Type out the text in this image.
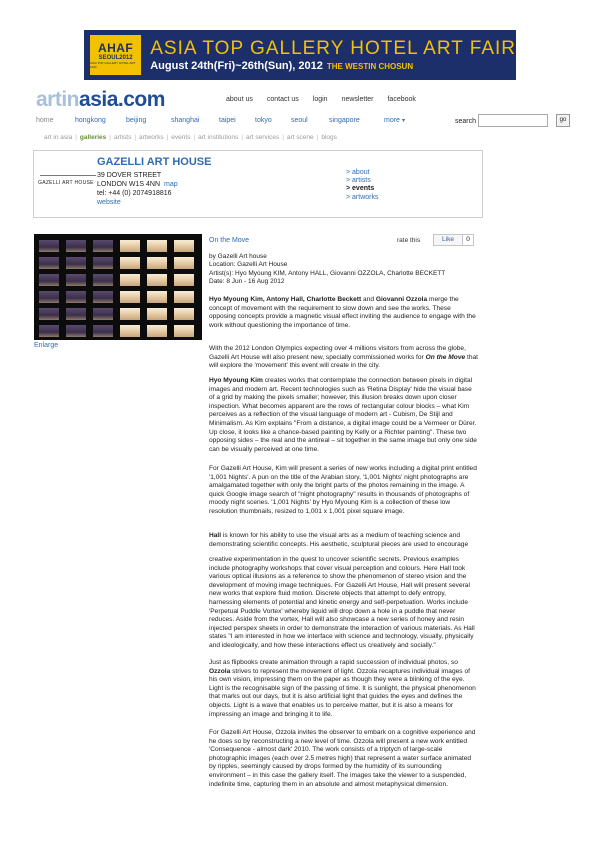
AHAF
SEOUL2012
ASIA TOP GALLERY HOTEL ART FAIR
ASIA TOP GALLERY HOTEL ART FAIR
August 24th(Fri)~26th(Sun), 2012 THE WESTIN CHOSUN
artinasia.com	about us contact us login newsletter facebook
home	hongkong	beijing	shanghai	taipei	tokyo	seoul	singapore	more ▾	search	go
art in asia | galleries | artists | artworks | events | art institutions | art services | art scene | blogs
GAZELLI ART HOUSE
GAZELLI ART HOUSE
39 DOVER STREET
LONDON W1S 4NN map
tel: +44 (0) 2074918816
website
> about
> artists
> events
> artworks
Enlarge
On the Move	rate this	Like	0
by Gazelli Art house
Location: Gazelli Art House
Artist(s): Hyo Myoung KIM, Antony HALL, Giovanni OZZOLA, Charlotte BECKETT
Date: 8 Jun - 16 Aug 2012

Hyo Myoung Kim, Antony Hall, Charlotte Beckett and Giovanni Ozzola merge the concept of movement with the requirement to slow down and see the works. These opposing concepts provide a magnetic visual effect inviting the audience to engage with the work without questioning the importance of time.

With the 2012 London Olympics expecting over 4 millions visitors from across the globe, Gazelli Art House will also present new, specially commissioned works for On the Move that will explore the 'movement' this event will create in the city.

Hyo Myoung Kim creates works that contemplate the connection between pixels in digital images and modern art. Recent technologies such as 'Retina Display' hide the visual base of a grid by making the pixels smaller; however, this illusion breaks down upon closer inspection. What becomes apparent are the rows of rectangular colour blocks – what Kim perceives as a reflection of the visual language of modern art - Cubism, De Stijl and Minimalism. As Kim explains "From a distance, a digital image could be a Vermeer or Dürer. Up close, it looks like a chance-based painting by Kelly or a Richter painting". These two opposing sides – the real and the antireal – sit together in the same image but only one side can be visually perceived at one time.

For Gazelli Art House, Kim will present a series of new works including a digital print entitled '1,001 Nights'. A pun on the title of the Arabian story, '1,001 Nights' night photographs are amalgamated together with only the bright parts of the photos remaining in the image. A quick Google image search of "night photography" results in thousands of photographs of moody night scenes. '1,001 Nights' by Hyo Myoung Kim is a collection of these low resolution thumbnails, resized to 1,001 x 1,001 pixel square image.

Hall is known for his ability to use the visual arts as a medium of teaching science and demonstrating scientific concepts. His aesthetic, sculptural pieces are used to encourage

creative experimentation in the quest to uncover scientific secrets. Previous examples include photography workshops that cover visual perception and colours. Here Hall took various optical illusions as a reference to show the phenomenon of stereo vision and the development of moving image techniques. For Gazelli Art House, Hall will present several new works that explore fluid motion. Discrete objects that attempt to defy entropy, harnessing elements of potential and kinetic energy and self-perpetuation. Works include 'Perpetual Puddle Vortex' whereby liquid will drop down a hole in a puddle that never reduces. Aside from the vortex, Hall will also showcase a new series of honey and resin injected perspex sheets in order to demonstrate the interaction of various materials. As Hall states "I am interested in how we interface with science and technology, visually, physically and ideologically, and how these interactions effect us creatively and socially."

Just as flipbooks create animation through a rapid succession of individual photos, so Ozzola strives to represent the movement of light. Ozzola recaptures individual images of his own vision, impressing them on the paper as though they were a blinking of the eye. Light is the recognisable sign of the passing of time. It is sunlight, the physical phenomenon that marks out our days, but it is also artificial light that guides the eyes and defines the objects. Light is a wave that enables us to perceive matter, but it is also a means for impressing an image and bringing it to life.

For Gazelli Art House, Ozzola invites the observer to embark on a cognitive experience and he does so by reconstructing a new level of time. Ozzola will present a new work entitled 'Consequence - almost dark' 2010. The work consists of a triptych of large-scale photographic images (each over 2.5 metres high) that represent a water surface animated by ripples, seemingly caused by drops formed by the humidity of its surrounding environment – in this case the gallery itself. The images take the viewer to a suspended, indefinite time, capturing them in an absolute and almost metaphysical dimension.
